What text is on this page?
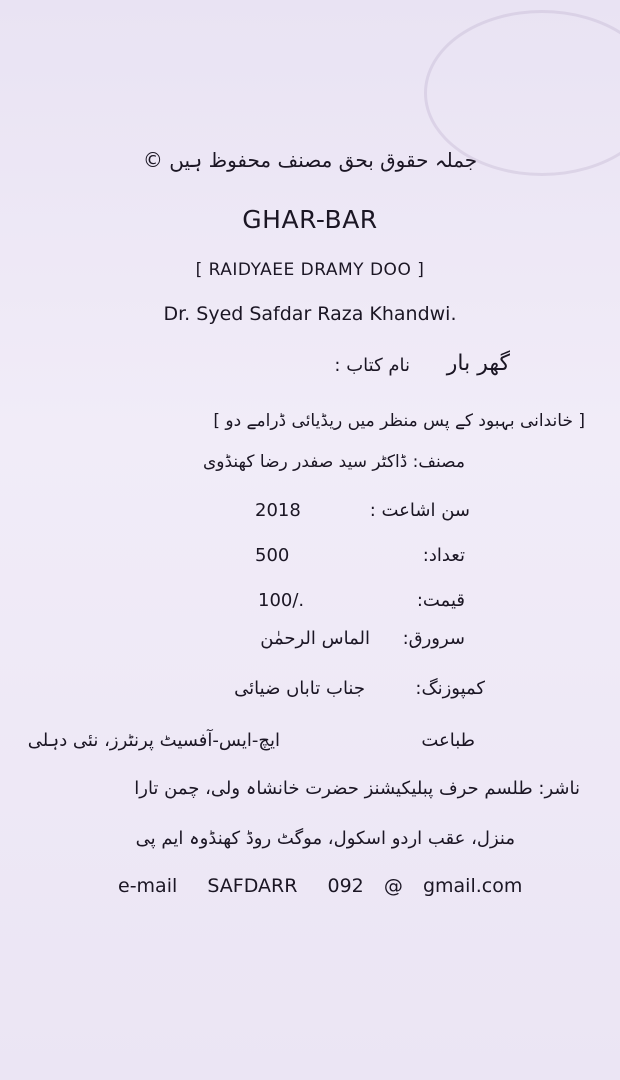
جملہ حقوق بحق مصنف محفوظ ہیں ©
GHAR-BAR
[ RAIDYAEE DRAMY DOO ]
Dr. Syed Safdar Raza Khandwi.
نام کتاب : گھر بار
[ خاندانی بہبود کے پس منظر میں ریڈیائی ڈرامے دو ]
مصنف: ڈاکٹر سید صفدر رضا کھنڈوی
سن اشاعت :
2018
تعداد:
500
قیمت:
100/.
سرورق:
الماس الرحمٰن
کمپوزنگ:
جناب تاباں ضیائی
طباعت
ایچ-ایس-آفسیٹ پرنٹرز، نئی دہلی
ناشر: طلسم حرف پبلیکیشنز حضرت خانشاہ ولی، چمن تارا
منزل، عقب اردو اسکول، موگٹ روڈ کھنڈوہ ایم پی
e-mail SAFDARR 092 @ gmail.com
